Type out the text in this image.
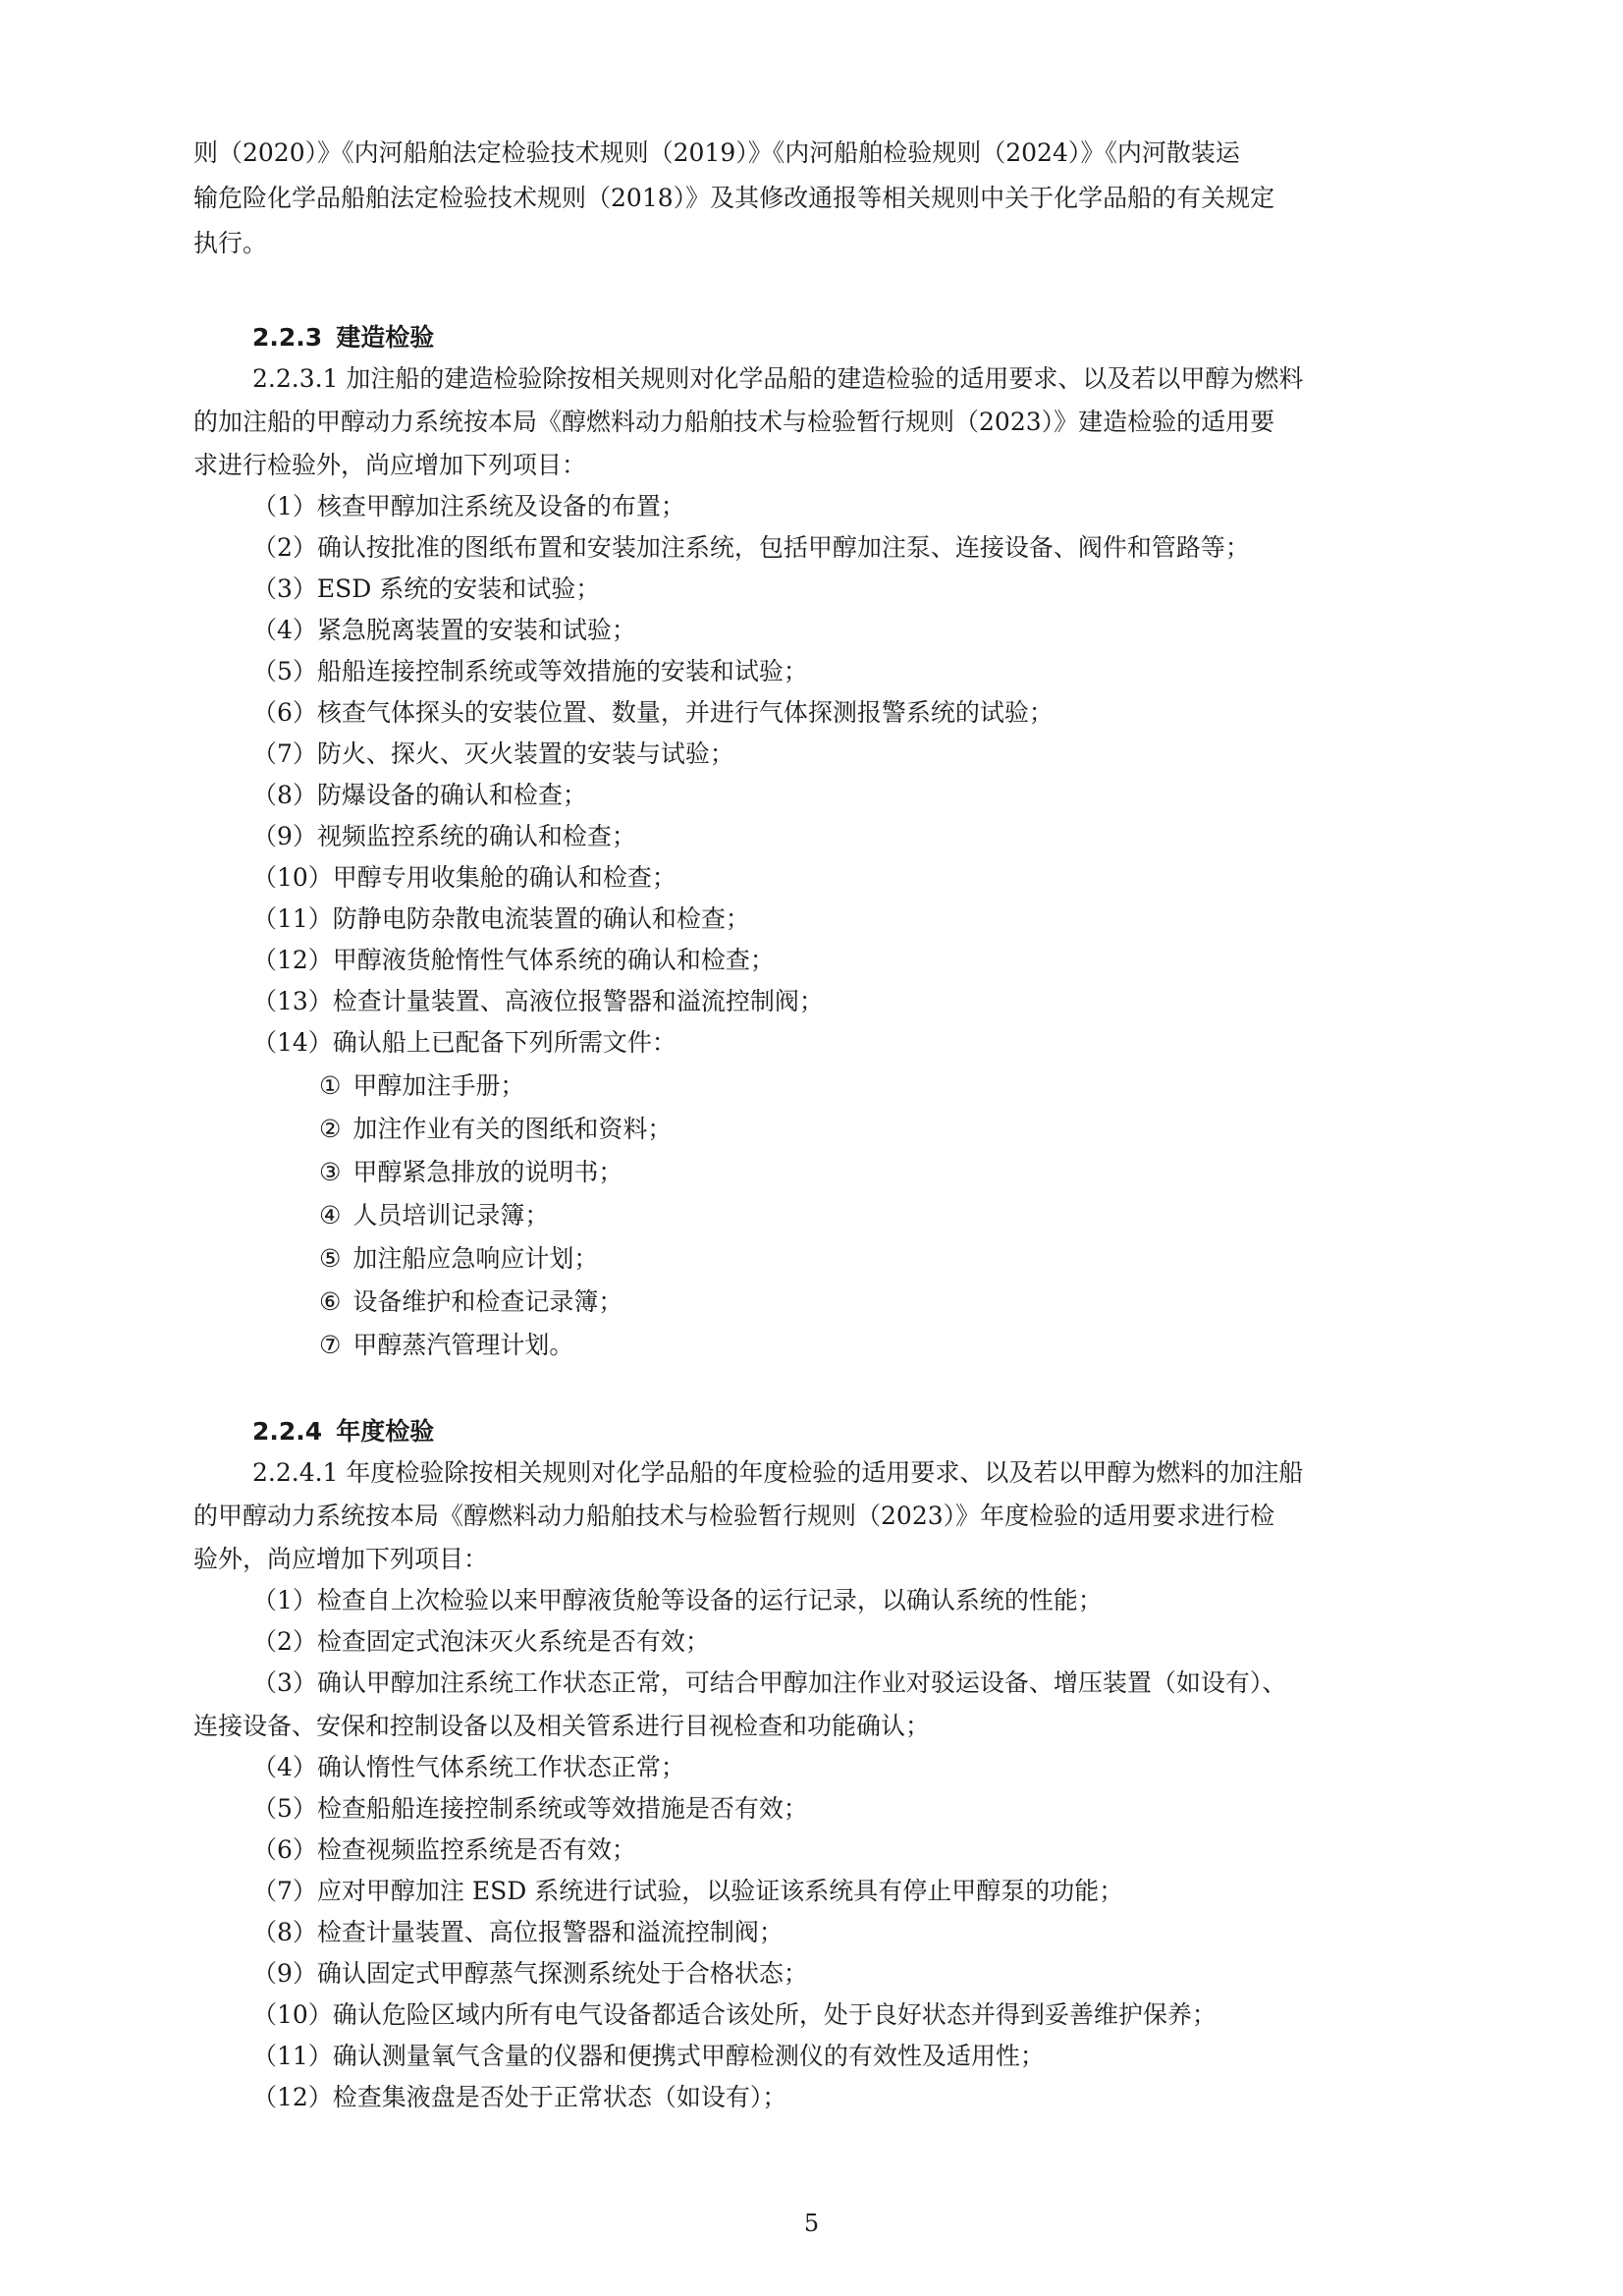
则（2020）》《内河船舶法定检验技术规则（2019）》《内河船舶检验规则（2024）》《内河散装运
输危险化学品船舶法定检验技术规则（2018）》及其修改通报等相关规则中关于化学品船的有关规定
执行。
2.2.3 建造检验
2.2.3.1 加注船的建造检验除按相关规则对化学品船的建造检验的适用要求、以及若以甲醇为燃料
的加注船的甲醇动力系统按本局《醇燃料动力船舶技术与检验暂行规则（2023）》建造检验的适用要
求进行检验外，尚应增加下列项目：
（1）核查甲醇加注系统及设备的布置；
（2）确认按批准的图纸布置和安装加注系统，包括甲醇加注泵、连接设备、阀件和管路等；
（3）ESD 系统的安装和试验；
（4）紧急脱离装置的安装和试验；
（5）船船连接控制系统或等效措施的安装和试验；
（6）核查气体探头的安装位置、数量，并进行气体探测报警系统的试验；
（7）防火、探火、灭火装置的安装与试验；
（8）防爆设备的确认和检查；
（9）视频监控系统的确认和检查；
（10）甲醇专用收集舱的确认和检查；
（11）防静电防杂散电流装置的确认和检查；
（12）甲醇液货舱惰性气体系统的确认和检查；
（13）检查计量装置、高液位报警器和溢流控制阀；
（14）确认船上已配备下列所需文件：
① 甲醇加注手册；
② 加注作业有关的图纸和资料；
③ 甲醇紧急排放的说明书；
④ 人员培训记录簿；
⑤ 加注船应急响应计划；
⑥ 设备维护和检查记录簿；
⑦ 甲醇蒸汽管理计划。
2.2.4 年度检验
2.2.4.1 年度检验除按相关规则对化学品船的年度检验的适用要求、以及若以甲醇为燃料的加注船
的甲醇动力系统按本局《醇燃料动力船舶技术与检验暂行规则（2023）》年度检验的适用要求进行检
验外，尚应增加下列项目：
（1）检查自上次检验以来甲醇液货舱等设备的运行记录，以确认系统的性能；
（2）检查固定式泡沫灭火系统是否有效；
（3）确认甲醇加注系统工作状态正常，可结合甲醇加注作业对驳运设备、增压装置（如设有）、
连接设备、安保和控制设备以及相关管系进行目视检查和功能确认；
（4）确认惰性气体系统工作状态正常；
（5）检查船船连接控制系统或等效措施是否有效；
（6）检查视频监控系统是否有效；
（7）应对甲醇加注 ESD 系统进行试验，以验证该系统具有停止甲醇泵的功能；
（8）检查计量装置、高位报警器和溢流控制阀；
（9）确认固定式甲醇蒸气探测系统处于合格状态；
（10）确认危险区域内所有电气设备都适合该处所，处于良好状态并得到妥善维护保养；
（11）确认测量氧气含量的仪器和便携式甲醇检测仪的有效性及适用性；
（12）检查集液盘是否处于正常状态（如设有）；
5
